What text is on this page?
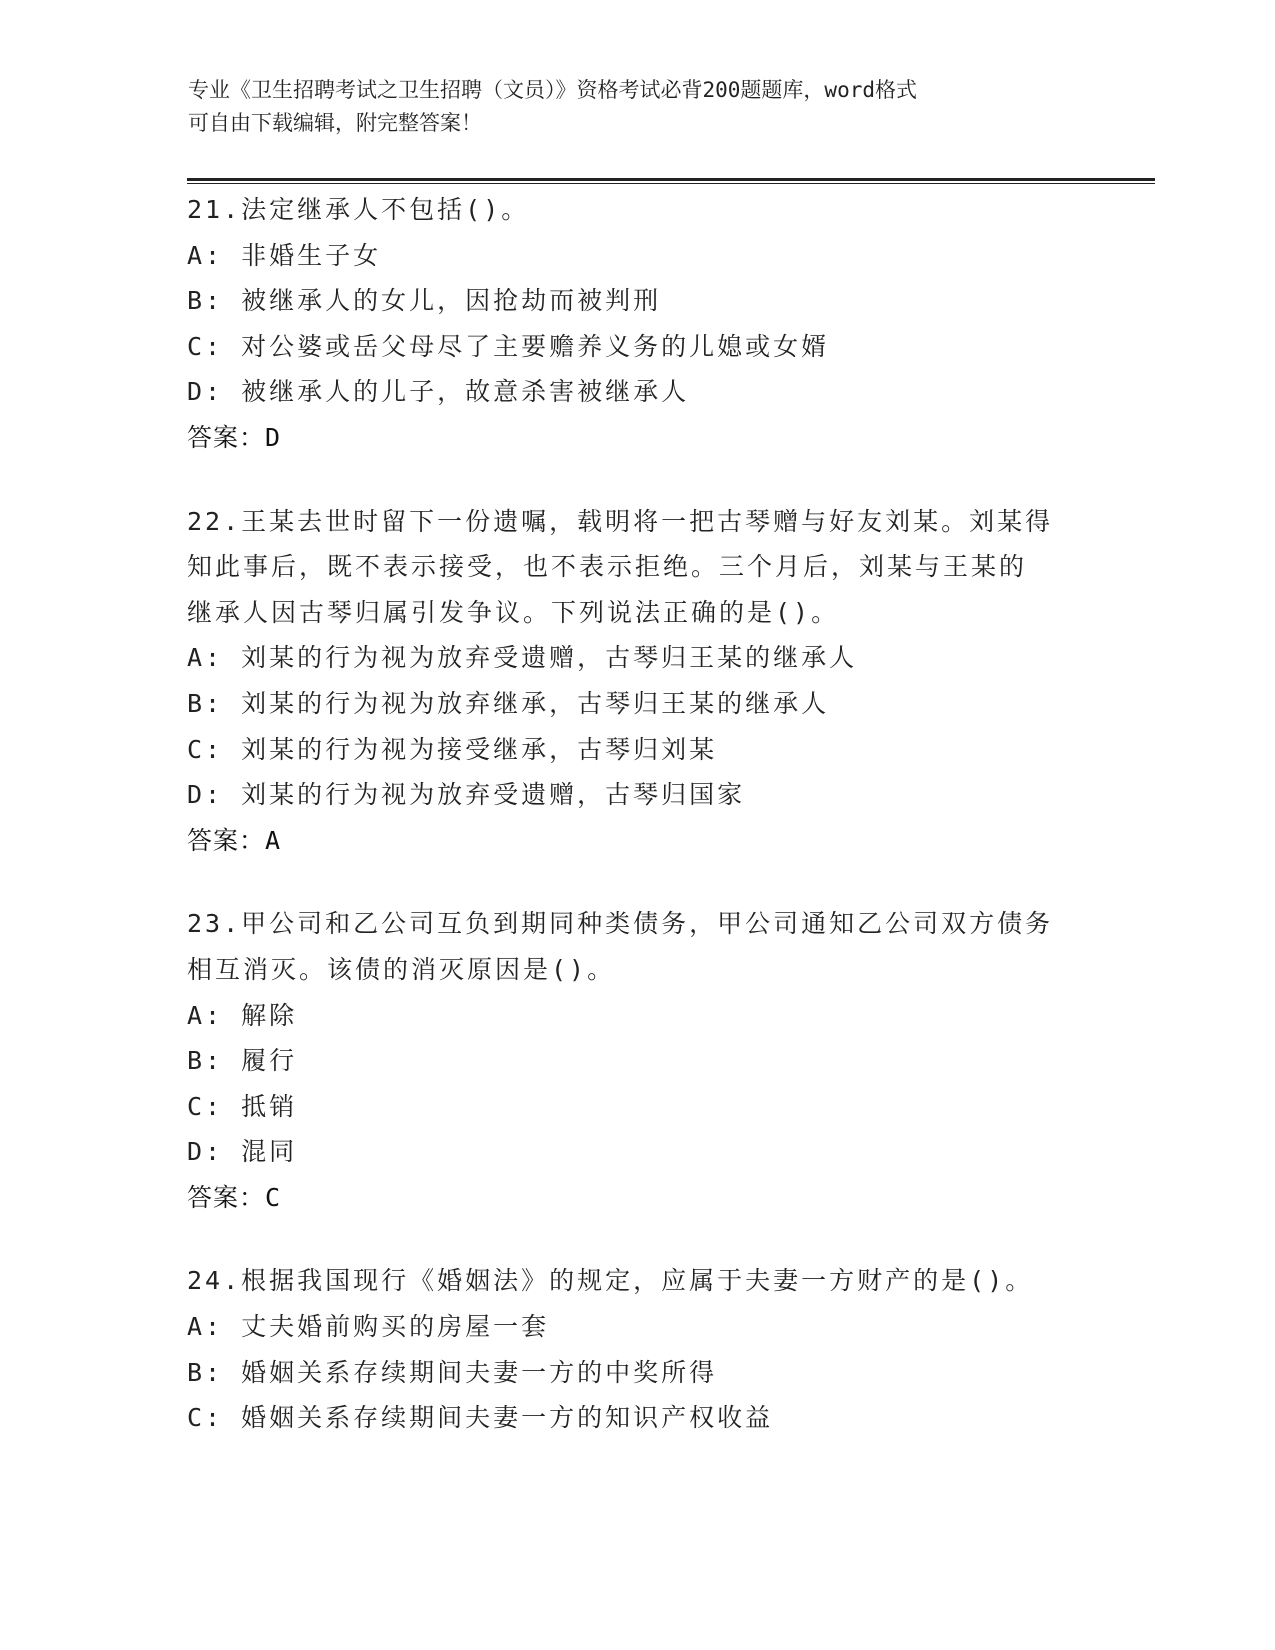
专业《卫生招聘考试之卫生招聘（文员）》资格考试必背200题题库，word格式
可自由下载编辑，附完整答案！
21.法定继承人不包括()。
A: 非婚生子女
B: 被继承人的女儿，因抢劫而被判刑
C: 对公婆或岳父母尽了主要赡养义务的儿媳或女婿
D: 被继承人的儿子，故意杀害被继承人
答案：D
22.王某去世时留下一份遗嘱，载明将一把古琴赠与好友刘某。刘某得
知此事后，既不表示接受，也不表示拒绝。三个月后，刘某与王某的
继承人因古琴归属引发争议。下列说法正确的是()。
A: 刘某的行为视为放弃受遗赠，古琴归王某的继承人
B: 刘某的行为视为放弃继承，古琴归王某的继承人
C: 刘某的行为视为接受继承，古琴归刘某
D: 刘某的行为视为放弃受遗赠，古琴归国家
答案：A
23.甲公司和乙公司互负到期同种类债务，甲公司通知乙公司双方债务
相互消灭。该债的消灭原因是()。
A: 解除
B: 履行
C: 抵销
D: 混同
答案：C
24.根据我国现行《婚姻法》的规定，应属于夫妻一方财产的是()。
A: 丈夫婚前购买的房屋一套
B: 婚姻关系存续期间夫妻一方的中奖所得
C: 婚姻关系存续期间夫妻一方的知识产权收益
